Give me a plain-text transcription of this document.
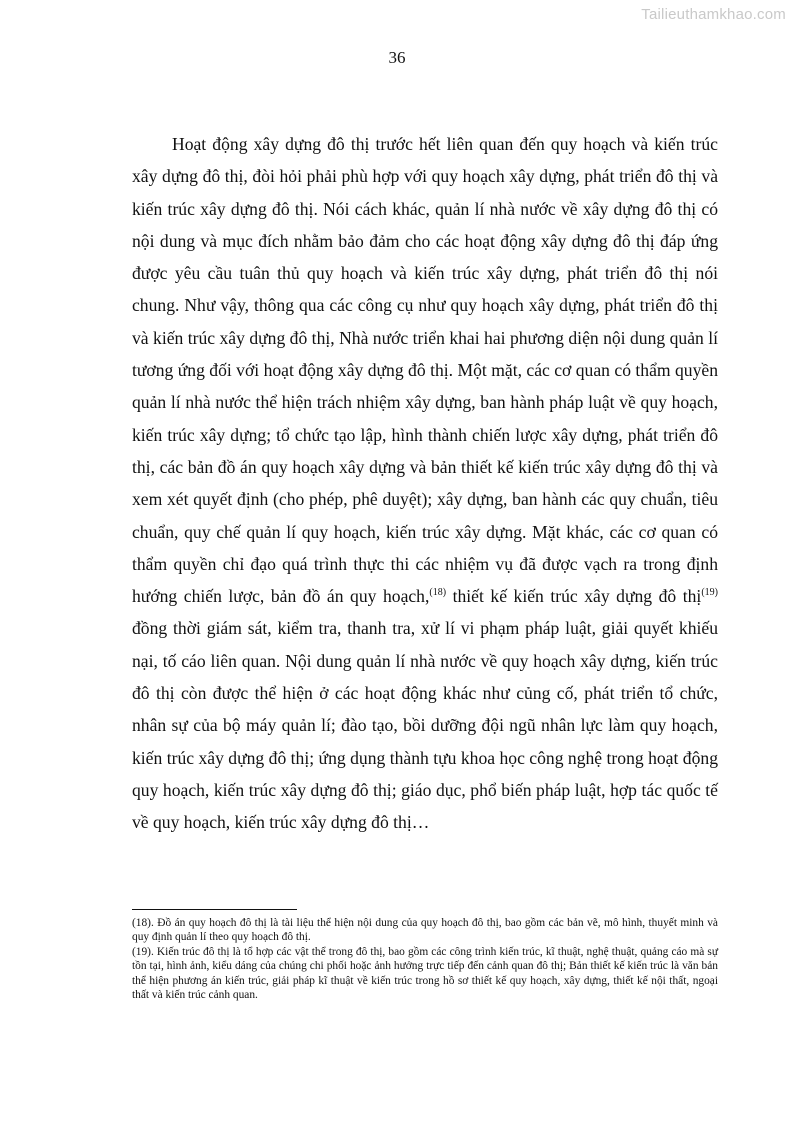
Tailieuthamkhao.com
36

Hoạt động xây dựng đô thị trước hết liên quan đến quy hoạch và kiến trúc xây dựng đô thị, đòi hỏi phải phù hợp với quy hoạch xây dựng, phát triển đô thị và kiến trúc xây dựng đô thị. Nói cách khác, quản lí nhà nước về xây dựng đô thị có nội dung và mục đích nhằm bảo đảm cho các hoạt động xây dựng đô thị đáp ứng được yêu cầu tuân thủ quy hoạch và kiến trúc xây dựng, phát triển đô thị nói chung. Như vậy, thông qua các công cụ như quy hoạch xây dựng, phát triển đô thị và kiến trúc xây dựng đô thị, Nhà nước triển khai hai phương diện nội dung quản lí tương ứng đối với hoạt động xây dựng đô thị. Một mặt, các cơ quan có thẩm quyền quản lí nhà nước thể hiện trách nhiệm xây dựng, ban hành pháp luật về quy hoạch, kiến trúc xây dựng; tổ chức tạo lập, hình thành chiến lược xây dựng, phát triển đô thị, các bản đồ án quy hoạch xây dựng và bản thiết kế kiến trúc xây dựng đô thị và xem xét quyết định (cho phép, phê duyệt); xây dựng, ban hành các quy chuẩn, tiêu chuẩn, quy chế quản lí quy hoạch, kiến trúc xây dựng. Mặt khác, các cơ quan có thẩm quyền chỉ đạo quá trình thực thi các nhiệm vụ đã được vạch ra trong định hướng chiến lược, bản đồ án quy hoạch,$^{(18)}$ thiết kế kiến trúc xây dựng đô thị$^{(19)}$ đồng thời giám sát, kiểm tra, thanh tra, xử lí vi phạm pháp luật, giải quyết khiếu nại, tố cáo liên quan. Nội dung quản lí nhà nước về quy hoạch xây dựng, kiến trúc đô thị còn được thể hiện ở các hoạt động khác như củng cố, phát triển tổ chức, nhân sự của bộ máy quản lí; đào tạo, bồi dưỡng đội ngũ nhân lực làm quy hoạch, kiến trúc xây dựng đô thị; ứng dụng thành tựu khoa học công nghệ trong hoạt động quy hoạch, kiến trúc xây dựng đô thị; giáo dục, phổ biến pháp luật, hợp tác quốc tế về quy hoạch, kiến trúc xây dựng đô thị…

(18). Đồ án quy hoạch đô thị là tài liệu thể hiện nội dung của quy hoạch đô thị, bao gồm các bản vẽ, mô hình, thuyết minh và quy định quản lí theo quy hoạch đô thị.

(19). Kiến trúc đô thị là tổ hợp các vật thể trong đô thị, bao gồm các công trình kiến trúc, kĩ thuật, nghệ thuật, quảng cáo mà sự tồn tại, hình ảnh, kiểu dáng của chúng chi phối hoặc ảnh hưởng trực tiếp đến cảnh quan đô thị; Bản thiết kế kiến trúc là văn bản thể hiện phương án kiến trúc, giải pháp kĩ thuật về kiến trúc trong hồ sơ thiết kế quy hoạch, xây dựng, thiết kế nội thất, ngoại thất và kiến trúc cảnh quan.
